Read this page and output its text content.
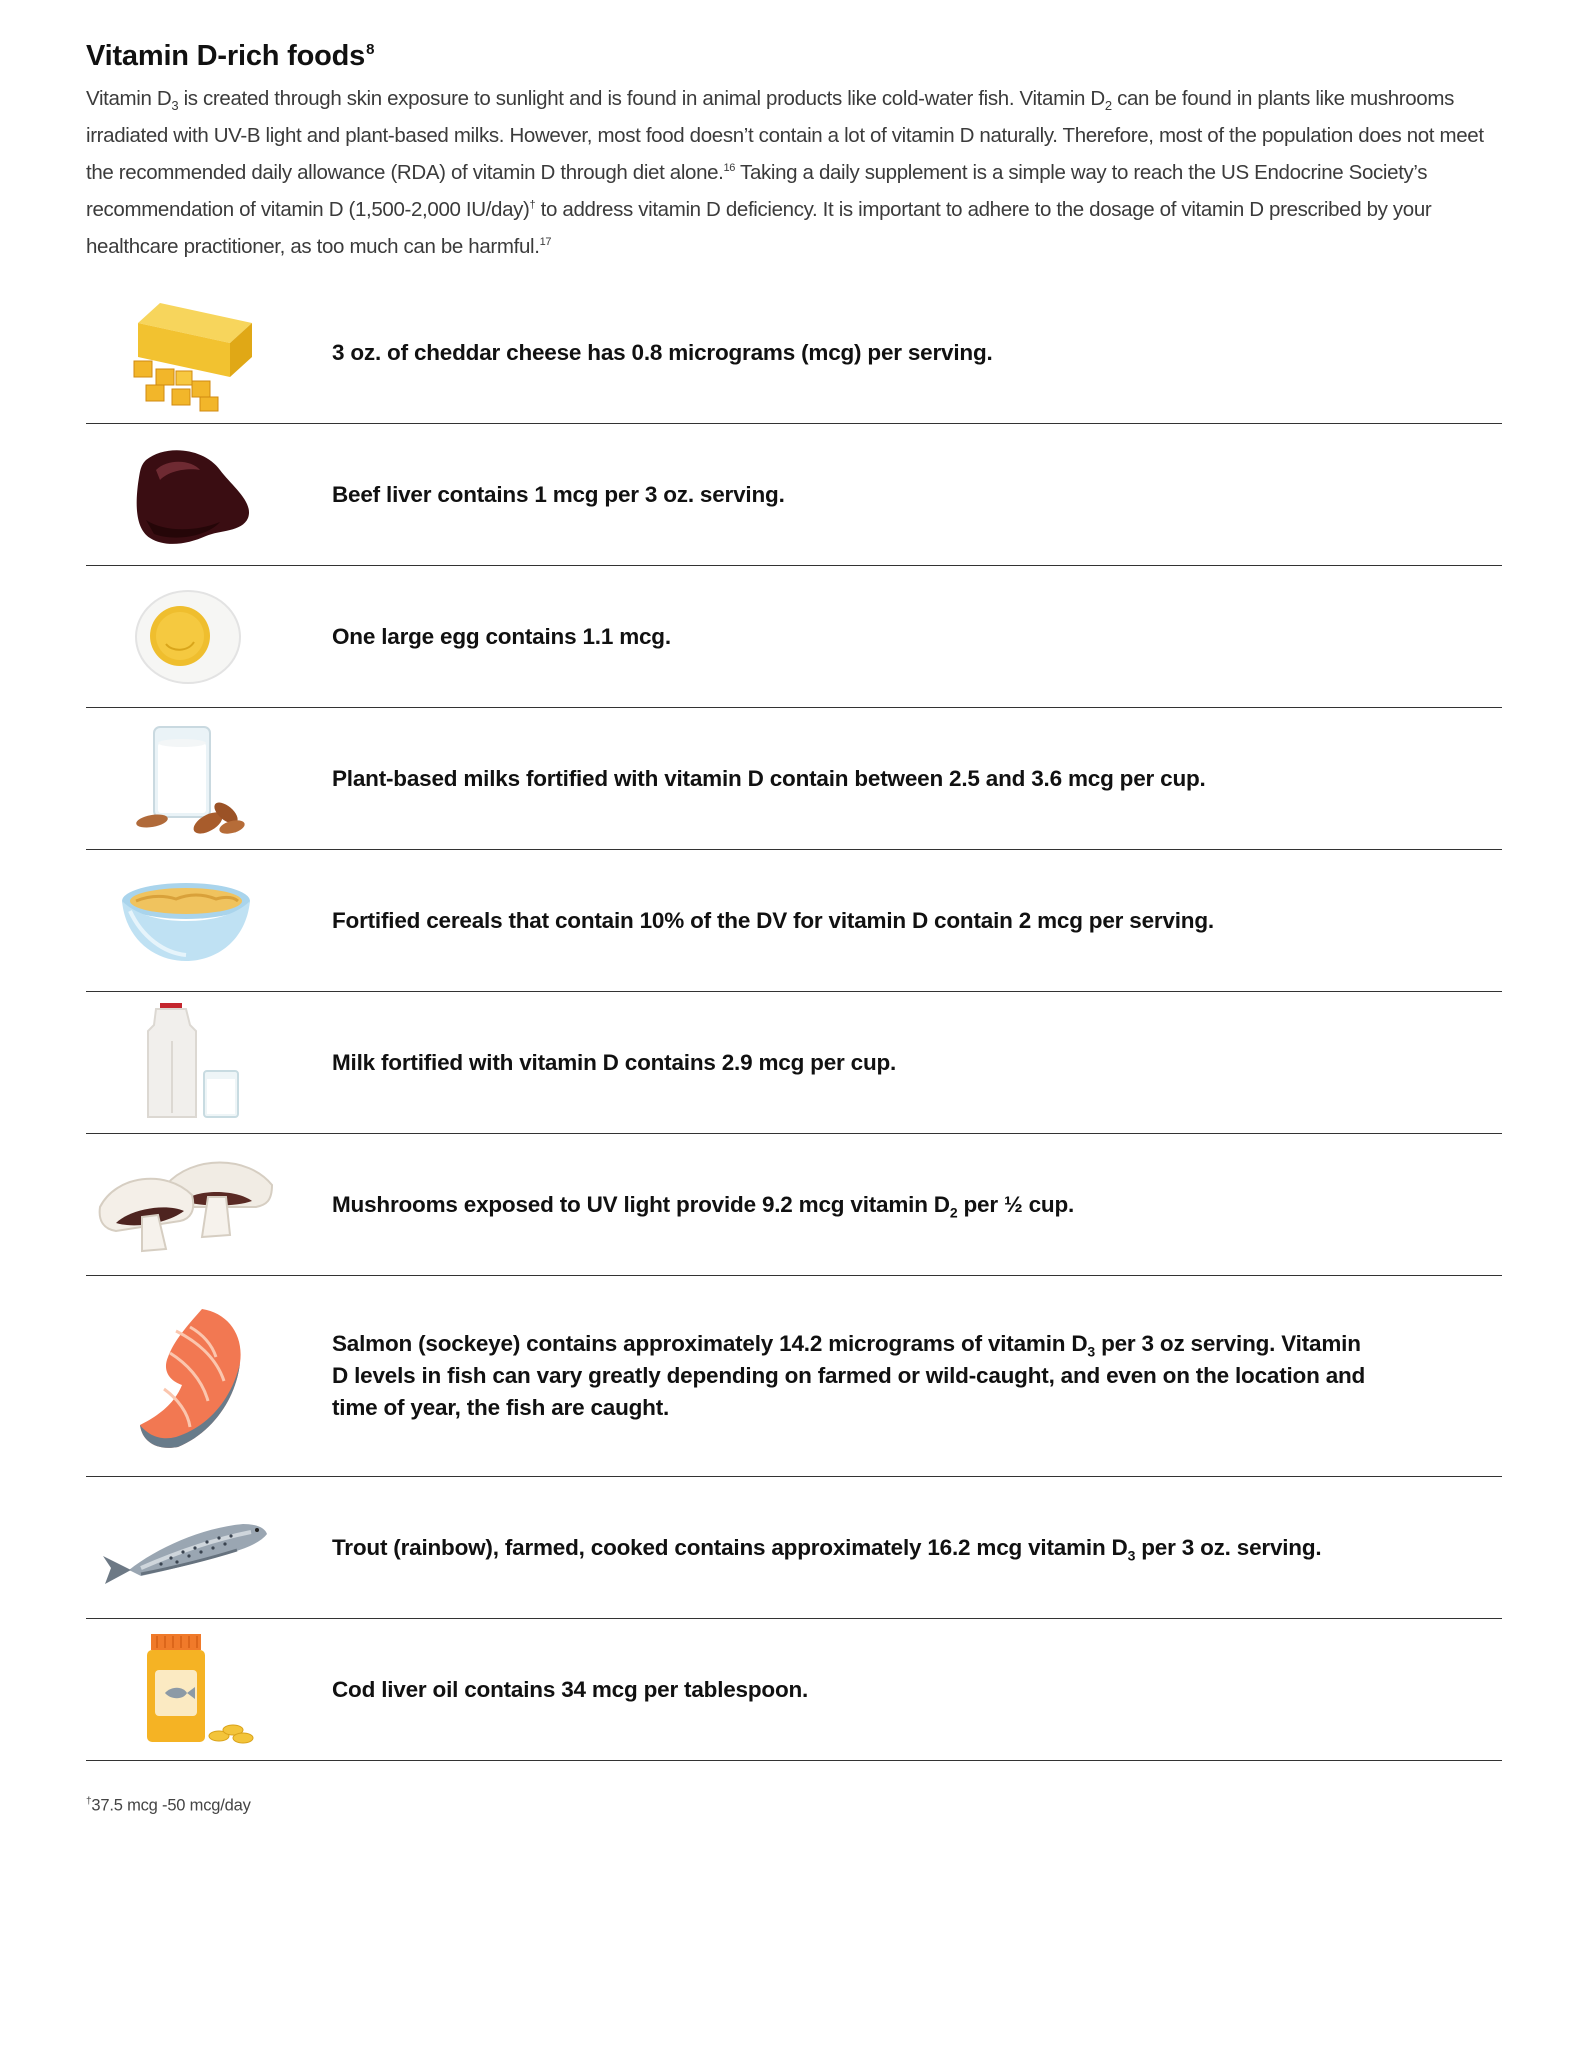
Vitamin D-rich foods$^8$

Vitamin $D_3$ is created through skin exposure to sunlight and is found in animal products like cold-water fish. Vitamin $D_2$ can be found in plants like mushrooms irradiated with UV-B light and plant-based milks. However, most food doesn’t contain a lot of vitamin D naturally. Therefore, most of the population does not meet the recommended daily allowance (RDA) of vitamin D through diet alone.$^{16}$ Taking a daily supplement is a simple way to reach the US Endocrine Society’s recommendation of vitamin D (1,500-2,000 IU/day)† to address vitamin D deficiency. It is important to adhere to the dosage of vitamin D prescribed by your healthcare practitioner, as too much can be harmful.$^{17}$

3 oz. of cheddar cheese has 0.8 micrograms (mcg) per serving.

Beef liver contains 1 mcg per 3 oz. serving.

One large egg contains 1.1 mcg.

Plant-based milks fortified with vitamin D contain between 2.5 and 3.6 mcg per cup.

Fortified cereals that contain 10% of the DV for vitamin D contain 2 mcg per serving.

Milk fortified with vitamin D contains 2.9 mcg per cup.

Mushrooms exposed to UV light provide 9.2 mcg vitamin $D_2$ per ½ cup.

Salmon (sockeye) contains approximately 14.2 micrograms of vitamin $D_3$ per 3 oz serving. Vitamin D levels in fish can vary greatly depending on farmed or wild-caught, and even on the location and time of year, the fish are caught.

Trout (rainbow), farmed, cooked contains approximately 16.2 mcg vitamin $D_3$ per 3 oz. serving.

Cod liver oil contains 34 mcg per tablespoon.

†37.5 mcg -50 mcg/day
